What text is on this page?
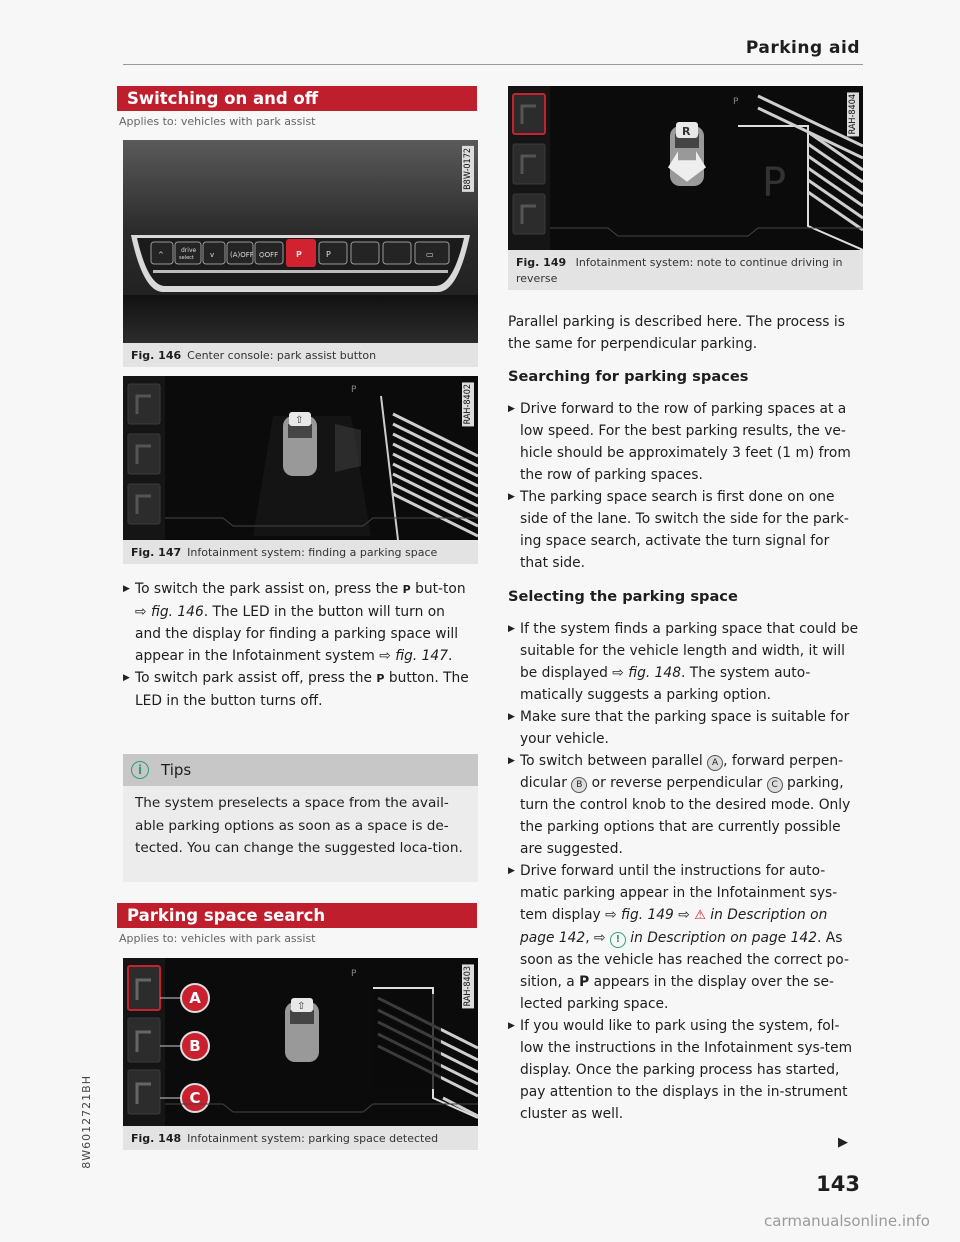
Parking aid
Switching on and off
Applies to: vehicles with park assist
^
drive
select v (A)OFF ⛭OFF P	P	▭
B8W-0172
Fig. 146 Center console: park assist button
⇧
P	RAH-8402
Fig. 147 Infotainment system: finding a parking space
▶ To switch the park assist on, press the P but-ton ⇨ fig. 146. The LED in the button will turn on and the display for finding a parking space will appear in the Infotainment system ⇨ fig. 147.
▶ To switch park assist off, press the P button. The LED in the button turns off.
i	Tips
The system preselects a space from the avail-able parking options as soon as a space is de-tected. You can change the suggested loca-tion.
Parking space search
Applies to: vehicles with park assist
A
B
C
⇧
P	RAH-8403
Fig. 148 Infotainment system: parking space detected
R
P
P	RAH-8404
Fig. 149 Infotainment system: note to continue driving in reverse
Parallel parking is described here. The process is the same for perpendicular parking.
Searching for parking spaces
▶ Drive forward to the row of parking spaces at a low speed. For the best parking results, the ve-hicle should be approximately 3 feet (1 m) from the row of parking spaces.
▶ The parking space search is first done on one side of the lane. To switch the side for the park-ing space search, activate the turn signal for that side.
Selecting the parking space
▶ If the system finds a parking space that could be suitable for the vehicle length and width, it will be displayed ⇨ fig. 148. The system auto-matically suggests a parking option.
▶ Make sure that the parking space is suitable for your vehicle.
▶ To switch between parallel A , forward perpen-dicular B or reverse perpendicular C parking, turn the control knob to the desired mode. Only the parking options that are currently possible are suggested.
▶ Drive forward until the instructions for auto-matic parking appear in the Infotainment sys-tem display ⇨ fig. 149 ⇨ ⚠ in Description on page 142, ⇨ ! in Description on page 142. As soon as the vehicle has reached the correct po-sition, a P appears in the display over the se-lected parking space.
▶ If you would like to park using the system, fol-low the instructions in the Infotainment sys-tem display. Once the parking process has started, pay attention to the displays in the in-strument cluster as well.
▶
8W6012721BH
143
carmanualsonline.info
